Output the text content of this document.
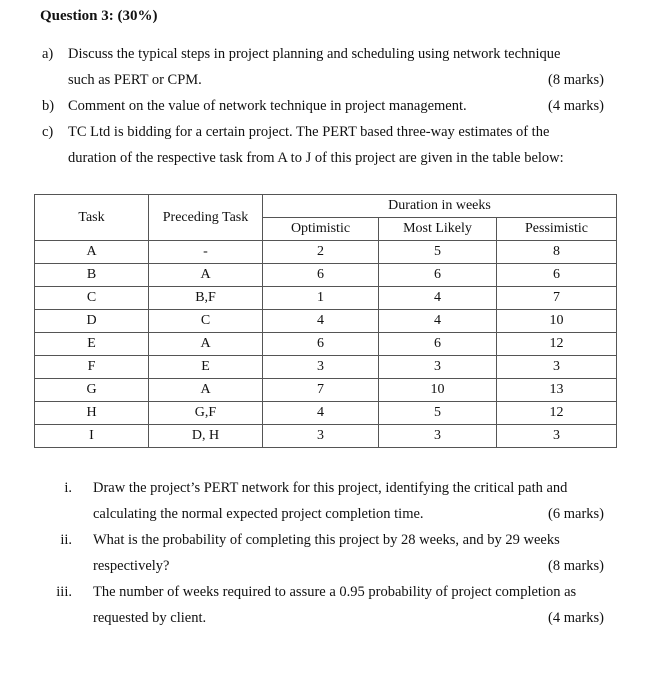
Question 3: (30%)
a) Discuss the typical steps in project planning and scheduling using network technique
such as PERT or CPM.	(8 marks)
b) Comment on the value of network technique in project management.	(4 marks)
c) TC Ltd is bidding for a certain project. The PERT based three-way estimates of the
duration of the respective task from A to J of this project are given in the table below:
Task	Preceding Task	Duration in weeks		
		Optimistic	Most Likely	Pessimistic
A	-	2	5	8
B	A	6	6	6
C	B,F	1	4	7
D	C	4	4	10
E	A	6	6	12
F	E	3	3	3
G	A	7	10	13
H	G,F	4	5	12
I	D, H	3	3	3
i. Draw the project’s PERT network for this project, identifying the critical path and
calculating the normal expected project completion time.	(6 marks)
ii. What is the probability of completing this project by 28 weeks, and by 29 weeks
respectively?	(8 marks)
iii. The number of weeks required to assure a 0.95 probability of project completion as
requested by client.	(4 marks)
